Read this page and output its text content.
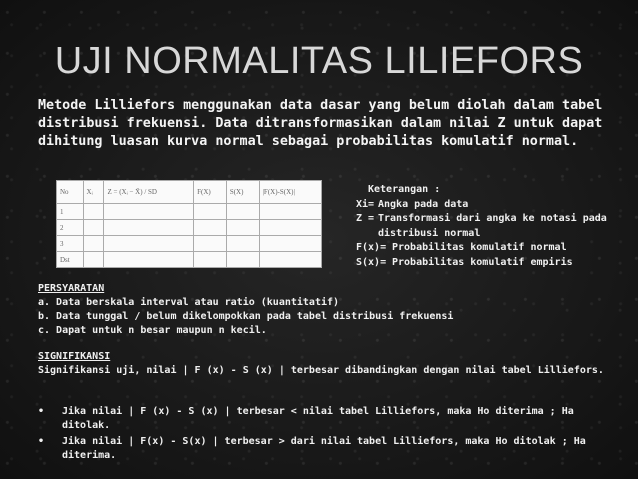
UJI NORMALITAS LILIEFORS
Metode Lilliefors menggunakan data dasar yang belum diolah dalam tabel distribusi frekuensi. Data ditransformasikan dalam nilai Z untuk dapat dihitung luasan kurva normal sebagai probabilitas komulatif normal.
No	Xᵢ	Z = (Xᵢ − X̄) / SD	F(X)	S(X)	|F(X)-S(X)|
1					
2					
3					
Dst					
Keterangan :
Xi= Angka pada data
Z = Transformasi dari angka ke notasi pada distribusi normal
F(x)= Probabilitas komulatif normal
S(x)= Probabilitas komulatif empiris
PERSYARATAN
a. Data berskala interval atau ratio (kuantitatif)
b. Data tunggal / belum dikelompokkan pada tabel distribusi frekuensi
c. Dapat untuk n besar maupun n kecil.
SIGNIFIKANSI
Signifikansi uji, nilai | F (x) - S (x) | terbesar dibandingkan dengan nilai tabel Lilliefors.
•	Jika nilai | F (x) - S (x) | terbesar < nilai tabel Lilliefors, maka Ho diterima ; Ha ditolak.
•	Jika nilai | F(x) - S(x) | terbesar > dari nilai tabel Lilliefors, maka Ho ditolak ; Ha diterima.
